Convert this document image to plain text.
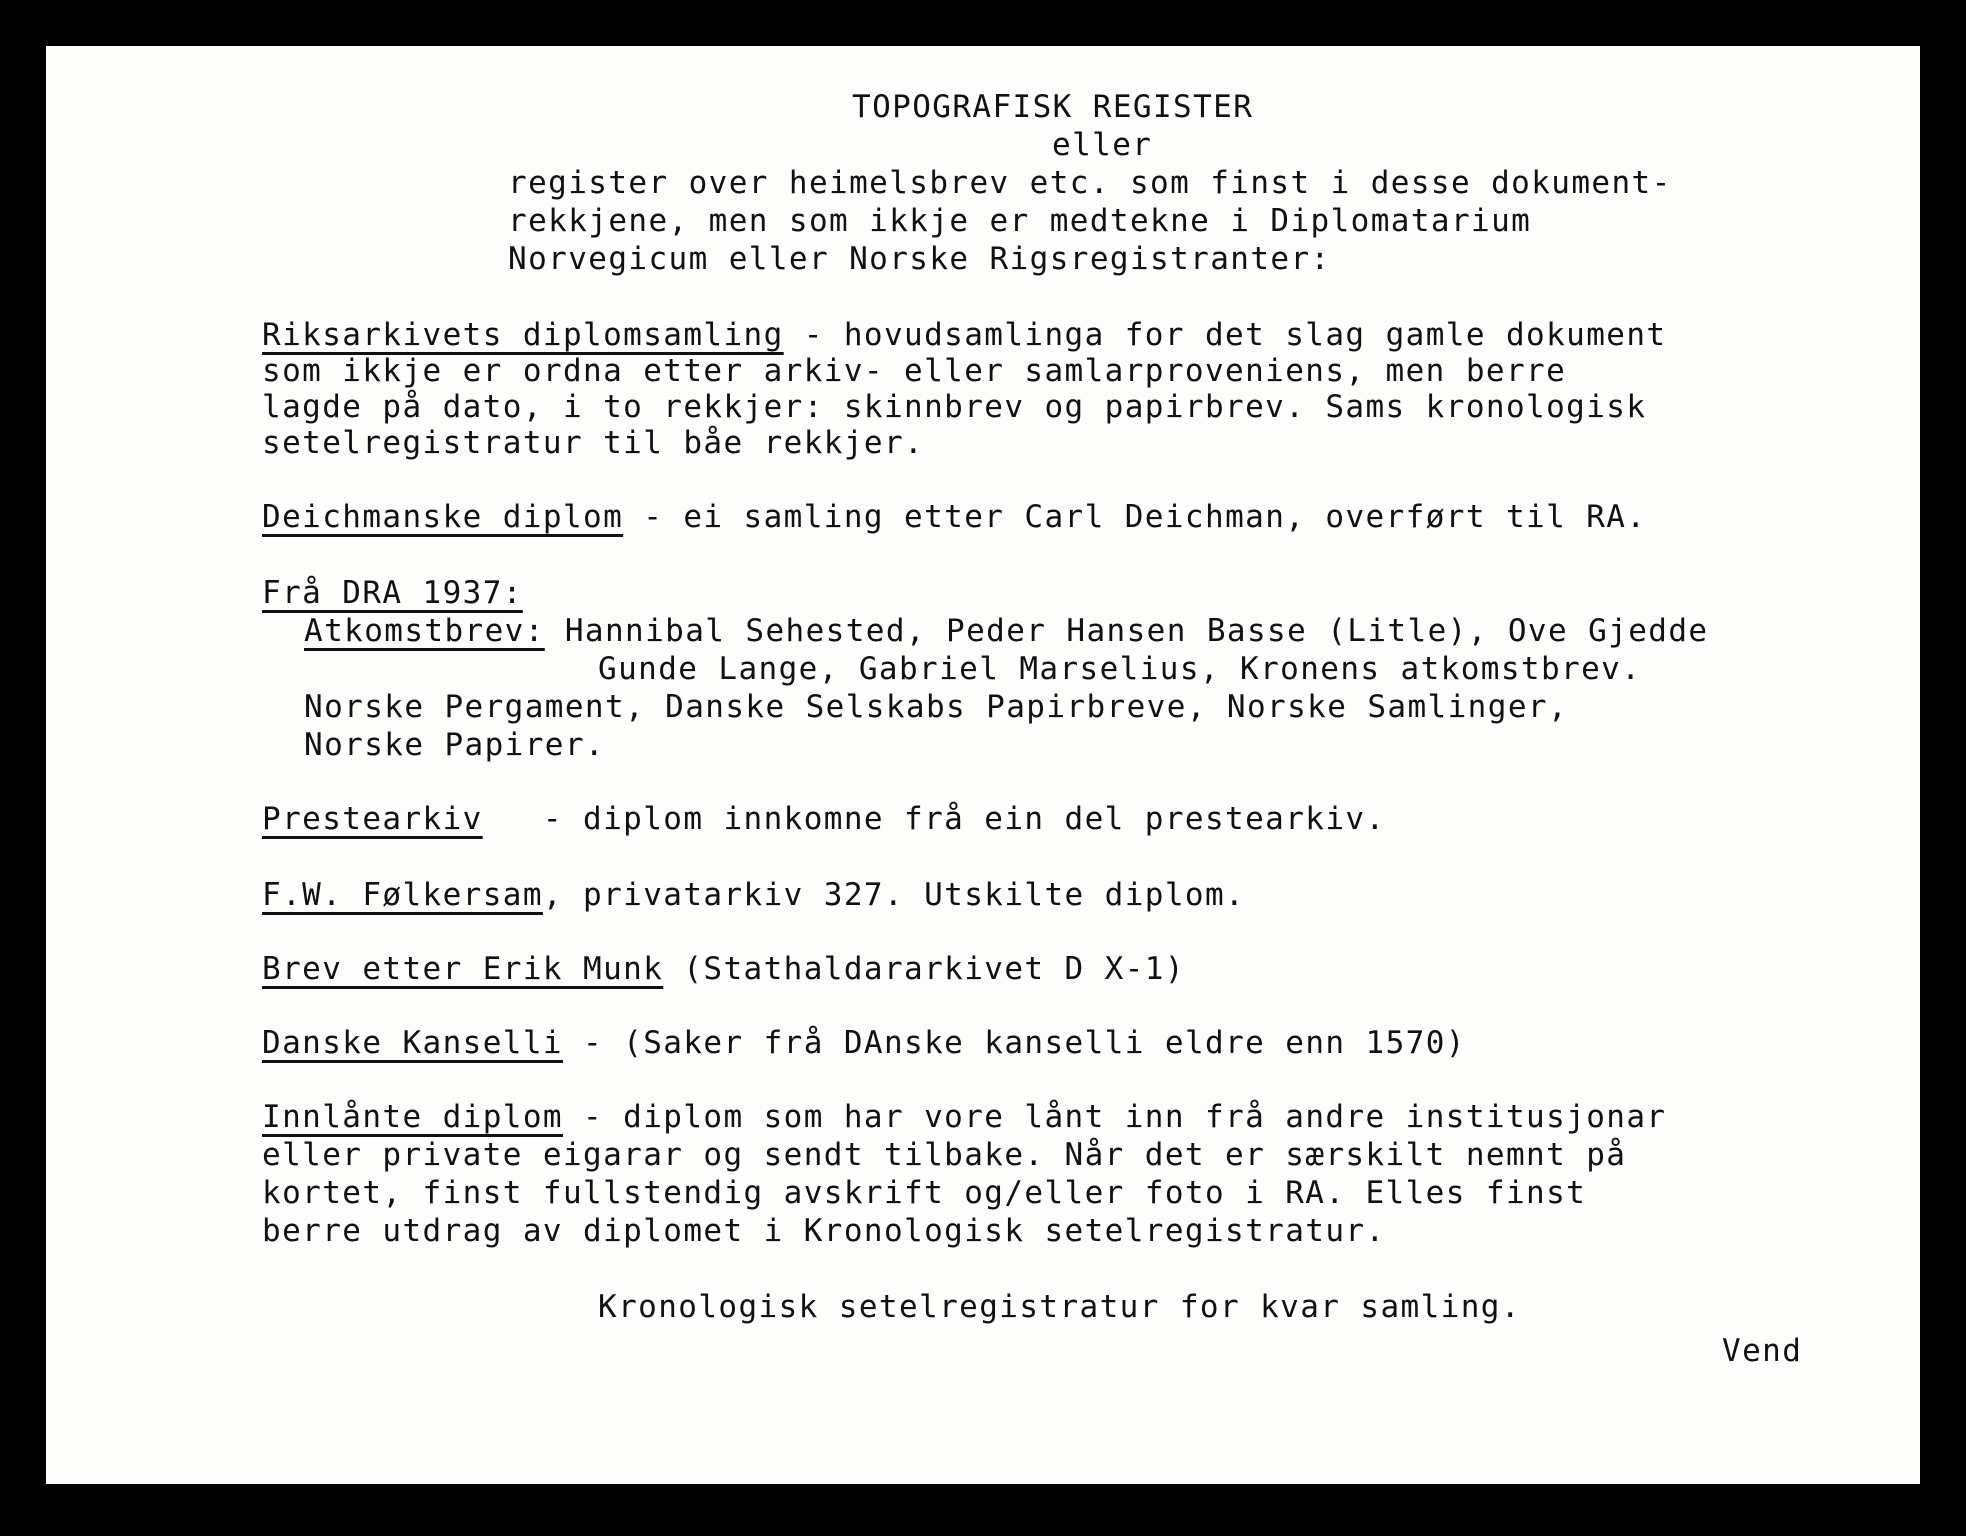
TOPOGRAFISK REGISTER

eller

register over heimelsbrev etc. som finst i desse dokument-

rekkjene, men som ikkje er medtekne i Diplomatarium

Norvegicum eller Norske Rigsregistranter:

Riksarkivets diplomsamling - hovudsamlinga for det slag gamle dokument

som ikkje er ordna etter arkiv- eller samlarproveniens, men berre

lagde på dato, i to rekkjer: skinnbrev og papirbrev. Sams kronologisk

setelregistratur til båe rekkjer.

Deichmanske diplom - ei samling etter Carl Deichman, overført til RA.

Frå DRA 1937:

Atkomstbrev: Hannibal Sehested, Peder Hansen Basse (Litle), Ove Gjedde

Gunde Lange, Gabriel Marselius, Kronens atkomstbrev.

Norske Pergament, Danske Selskabs Papirbreve, Norske Samlinger,

Norske Papirer.

Prestearkiv   - diplom innkomne frå ein del prestearkiv.

F.W. Følkersam, privatarkiv 327. Utskilte diplom.

Brev etter Erik Munk (Stathaldararkivet D X-1)

Danske Kanselli - (Saker frå DAnske kanselli eldre enn 1570)

Innlånte diplom - diplom som har vore lånt inn frå andre institusjonar

eller private eigarar og sendt tilbake. Når det er særskilt nemnt på

kortet, finst fullstendig avskrift og/eller foto i RA. Elles finst

berre utdrag av diplomet i Kronologisk setelregistratur.

Kronologisk setelregistratur for kvar samling.

Vend
